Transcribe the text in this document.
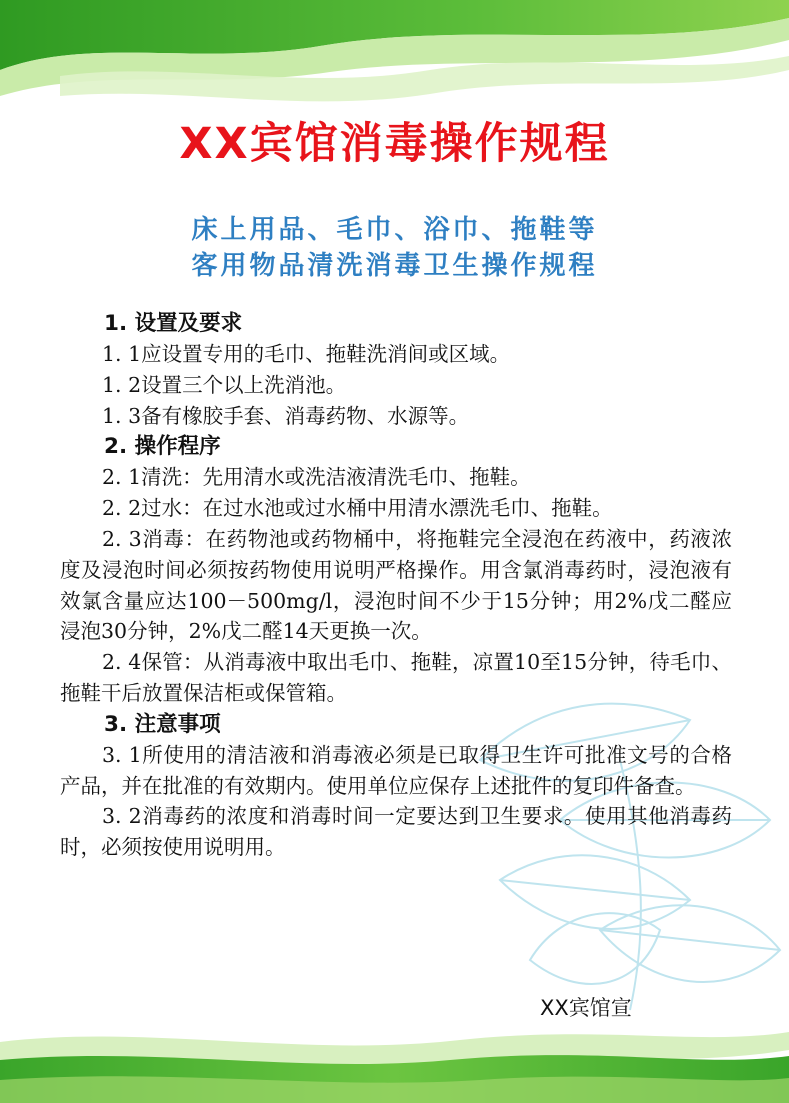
XX宾馆消毒操作规程
床上用品、毛巾、浴巾、拖鞋等
客用物品清洗消毒卫生操作规程

1. 设置及要求

1. 1应设置专用的毛巾、拖鞋洗消间或区域。

1. 2设置三个以上洗消池。

1. 3备有橡胶手套、消毒药物、水源等。

2. 操作程序

2. 1清洗：先用清水或洗洁液清洗毛巾、拖鞋。

2. 2过水：在过水池或过水桶中用清水漂洗毛巾、拖鞋。

2. 3消毒：在药物池或药物桶中，将拖鞋完全浸泡在药液中，药液浓度及浸泡时间必须按药物使用说明严格操作。用含氯消毒药时，浸泡液有效氯含量应达100－500mg/l，浸泡时间不少于15分钟；用2%戊二醛应浸泡30分钟，2%戊二醛14天更换一次。

2. 4保管：从消毒液中取出毛巾、拖鞋，凉置10至15分钟，待毛巾、拖鞋干后放置保洁柜或保管箱。

3. 注意事项

3. 1所使用的清洁液和消毒液必须是已取得卫生许可批准文号的合格产品，并在批准的有效期内。使用单位应保存上述批件的复印件备查。

3. 2消毒药的浓度和消毒时间一定要达到卫生要求。使用其他消毒药时，必须按使用说明用。

XX宾馆宣
